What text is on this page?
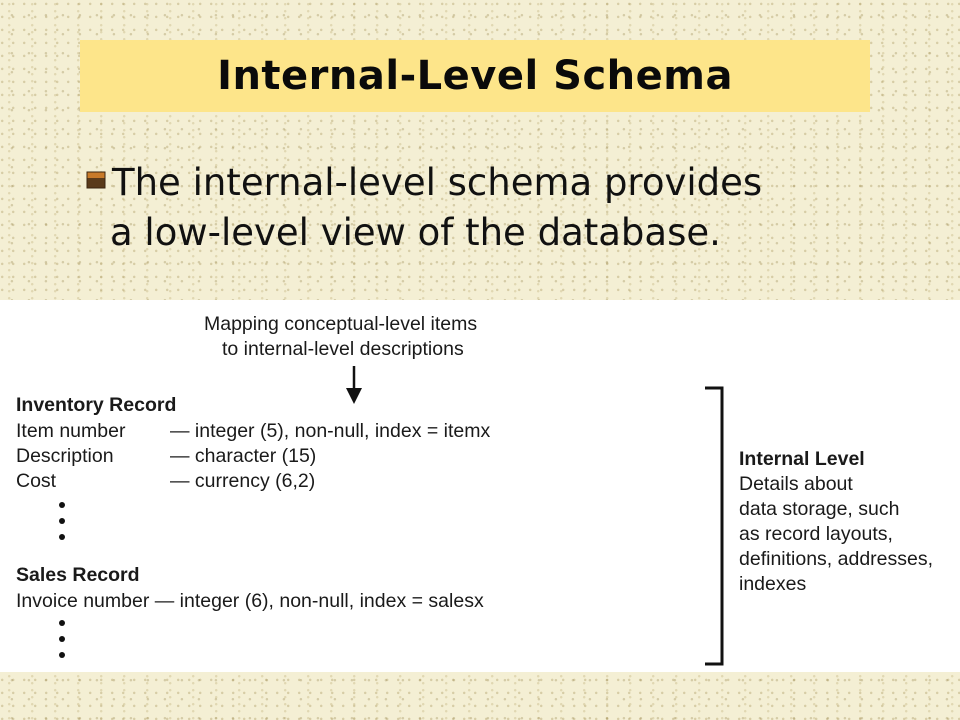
Internal-Level Schema
The internal-level schema provides
a low-level view of the database.
Mapping conceptual-level items
to internal-level descriptions
Inventory Record
Item number — integer (5), non-null, index = itemx
Description	— character (15)
Cost	— currency (6,2)
Sales Record
Invoice number — integer (6), non-null, index = salesx
Internal Level
Details about
data storage, such
as record layouts,
definitions, addresses,
indexes
